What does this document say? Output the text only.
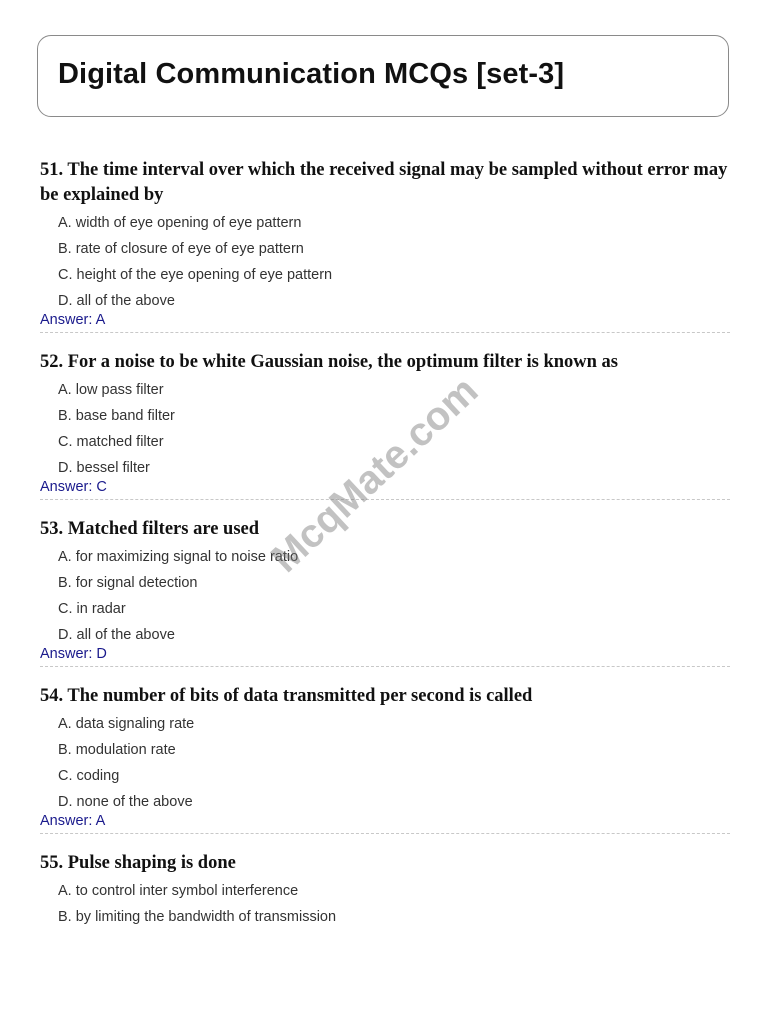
Digital Communication MCQs [set-3]

51. The time interval over which the received signal may be sampled without error may be explained by

A. width of eye opening of eye pattern
B. rate of closure of eye of eye pattern
C. height of the eye opening of eye pattern
D. all of the above
Answer: A

52. For a noise to be white Gaussian noise, the optimum filter is known as

A. low pass filter
B. base band filter
C. matched filter
D. bessel filter
Answer: C

53. Matched filters are used

A. for maximizing signal to noise ratio
B. for signal detection
C. in radar
D. all of the above
Answer: D

54. The number of bits of data transmitted per second is called

A. data signaling rate
B. modulation rate
C. coding
D. none of the above
Answer: A

55. Pulse shaping is done

A. to control inter symbol interference
B. by limiting the bandwidth of transmission
McqMate.com
